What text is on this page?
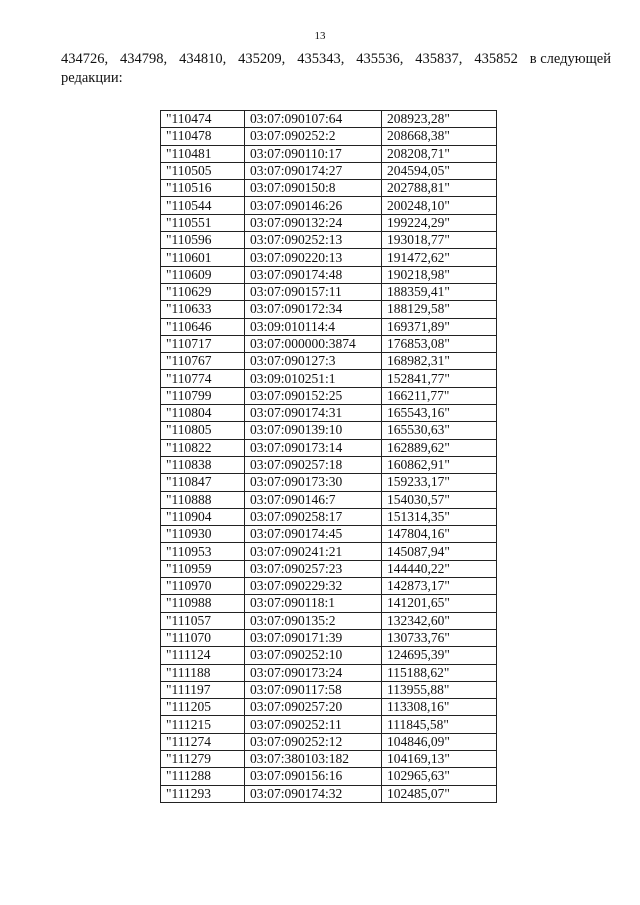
13
434726, 434798, 434810, 435209, 435343, 435536, 435837, 435852 в следующей
редакции:
"110474	03:07:090107:64	208923,28"
"110478	03:07:090252:2	208668,38"
"110481	03:07:090110:17	208208,71"
"110505	03:07:090174:27	204594,05"
"110516	03:07:090150:8	202788,81"
"110544	03:07:090146:26	200248,10"
"110551	03:07:090132:24	199224,29"
"110596	03:07:090252:13	193018,77"
"110601	03:07:090220:13	191472,62"
"110609	03:07:090174:48	190218,98"
"110629	03:07:090157:11	188359,41"
"110633	03:07:090172:34	188129,58"
"110646	03:09:010114:4	169371,89"
"110717	03:07:000000:3874	176853,08"
"110767	03:07:090127:3	168982,31"
"110774	03:09:010251:1	152841,77"
"110799	03:07:090152:25	166211,77"
"110804	03:07:090174:31	165543,16"
"110805	03:07:090139:10	165530,63"
"110822	03:07:090173:14	162889,62"
"110838	03:07:090257:18	160862,91"
"110847	03:07:090173:30	159233,17"
"110888	03:07:090146:7	154030,57"
"110904	03:07:090258:17	151314,35"
"110930	03:07:090174:45	147804,16"
"110953	03:07:090241:21	145087,94"
"110959	03:07:090257:23	144440,22"
"110970	03:07:090229:32	142873,17"
"110988	03:07:090118:1	141201,65"
"111057	03:07:090135:2	132342,60"
"111070	03:07:090171:39	130733,76"
"111124	03:07:090252:10	124695,39"
"111188	03:07:090173:24	115188,62"
"111197	03:07:090117:58	113955,88"
"111205	03:07:090257:20	113308,16"
"111215	03:07:090252:11	111845,58"
"111274	03:07:090252:12	104846,09"
"111279	03:07:380103:182	104169,13"
"111288	03:07:090156:16	102965,63"
"111293	03:07:090174:32	102485,07"
